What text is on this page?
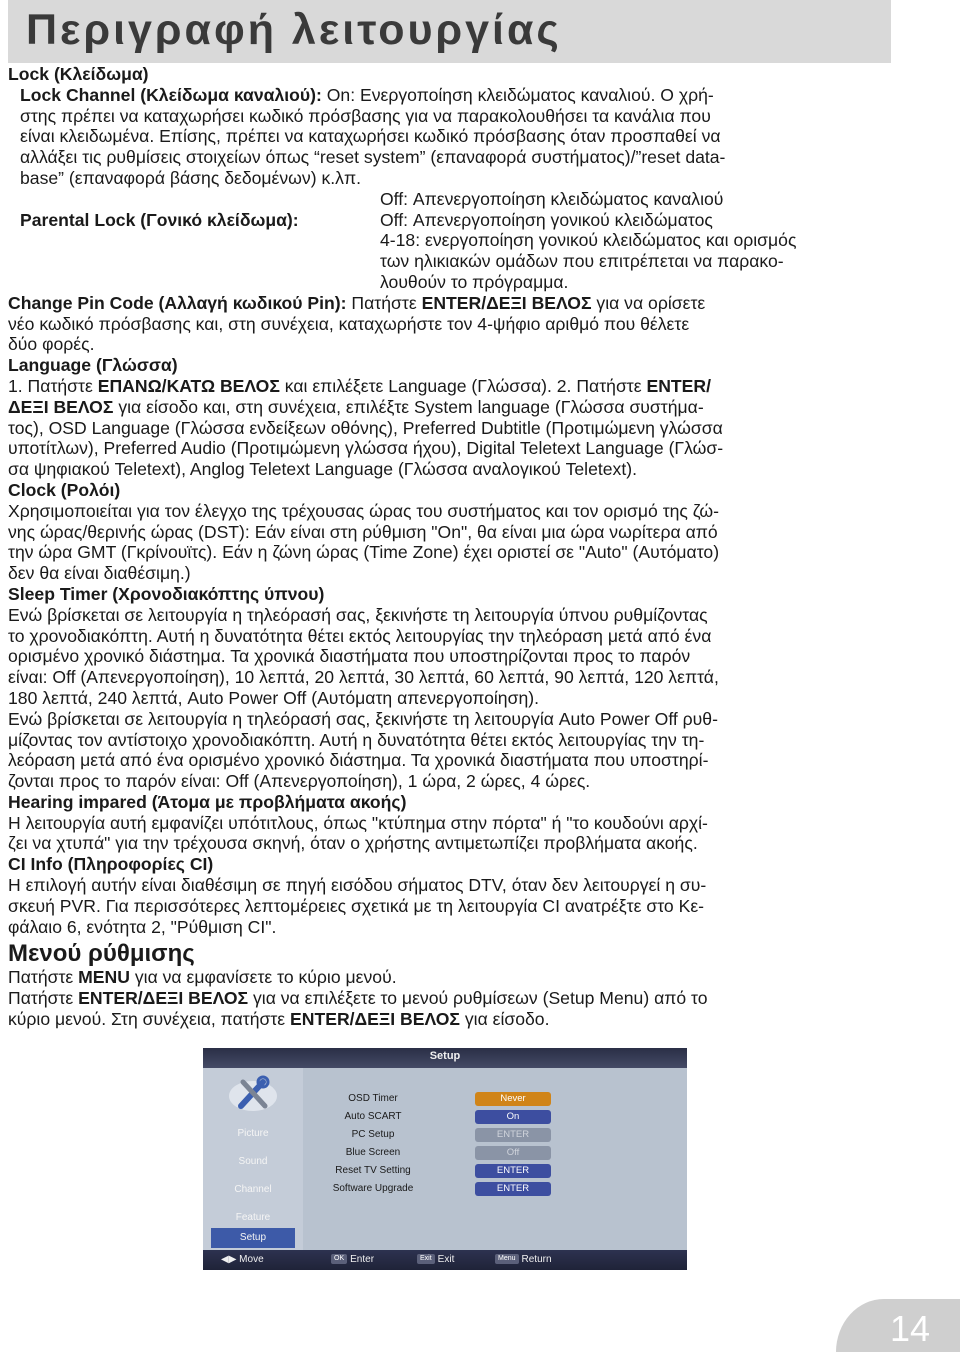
Περιγραφή λειτουργίας

Lock (Κλείδωμα)

Lock Channel (Κλείδωμα καναλιού): On: Ενεργοποίηση κλειδώματος καναλιού. Ο χρή-

στης πρέπει να καταχωρήσει κωδικό πρόσβασης για να παρακολουθήσει τα κανάλια που

είναι κλειδωμένα. Επίσης, πρέπει να καταχωρήσει κωδικό πρόσβασης όταν προσπαθεί να

αλλάξει τις ρυθμίσεις στοιχείων όπως “reset system” (επαναφορά συστήματος)/”reset data-

base” (επαναφορά βάσης δεδομένων) κ.λπ.

Parental Lock (Γονικό κλείδωμα):

Off: Απενεργοποίηση κλειδώματος καναλιού

Off: Απενεργοποίηση γονικού κλειδώματος

4-18: ενεργοποίηση γονικού κλειδώματος και ορισμός

των ηλικιακών ομάδων που επιτρέπεται να παρακο-

λουθούν το πρόγραμμα.

Change Pin Code (Αλλαγή κωδικού Pin): Πατήστε ENTER/ΔΕΞΙ ΒΕΛΟΣ για να ορίσετε

νέο κωδικό πρόσβασης και, στη συνέχεια, καταχωρήστε τον 4-ψήφιο αριθμό που θέλετε

δύο φορές.

Language (Γλώσσα)

1. Πατήστε ΕΠΑΝΩ/ΚΑΤΩ ΒΕΛΟΣ και επιλέξετε Language (Γλώσσα). 2. Πατήστε ENTER/

ΔΕΞΙ ΒΕΛΟΣ για είσοδο και, στη συνέχεια, επιλέξτε System language (Γλώσσα συστήμα-

τος), OSD Language (Γλώσσα ενδείξεων οθόνης), Preferred Dubtitle (Προτιμώμενη γλώσσα

υποτίτλων), Preferred Audio (Προτιμώμενη γλώσσα ήχου), Digital Teletext Language (Γλώσ-

σα ψηφιακού Teletext), Anglog Teletext Language (Γλώσσα αναλογικού Teletext).

Clock (Ρολόι)

Χρησιμοποιείται για τον έλεγχο της τρέχουσας ώρας του συστήματος και τον ορισμό της ζώ-

νης ώρας/θερινής ώρας (DST): Εάν είναι στη ρύθμιση "On", θα είναι μια ώρα νωρίτερα από

την ώρα GMT (Γκρίνουϊτς). Εάν η ζώνη ώρας (Time Zone) έχει οριστεί σε "Auto" (Αυτόματο)

δεν θα είναι διαθέσιμη.)

Sleep Timer (Χρονοδιακόπτης ύπνου)

Ενώ βρίσκεται σε λειτουργία η τηλεόρασή σας, ξεκινήστε τη λειτουργία ύπνου ρυθμίζοντας

το χρονοδιακόπτη. Αυτή η δυνατότητα θέτει εκτός λειτουργίας την τηλεόραση μετά από ένα

ορισμένο χρονικό διάστημα. Τα χρονικά διαστήματα που υποστηρίζονται προς το παρόν

είναι: Off (Απενεργοποίηση), 10 λεπτά, 20 λεπτά, 30 λεπτά, 60 λεπτά, 90 λεπτά, 120 λεπτά,

180 λεπτά, 240 λεπτά, Auto Power Off (Αυτόματη απενεργοποίηση).

Ενώ βρίσκεται σε λειτουργία η τηλεόρασή σας, ξεκινήστε τη λειτουργία Auto Power Off ρυθ-

μίζοντας τον αντίστοιχο χρονοδιακόπτη. Αυτή η δυνατότητα θέτει εκτός λειτουργίας την τη-

λεόραση μετά από ένα ορισμένο χρονικό διάστημα. Τα χρονικά διαστήματα που υποστηρί-

ζονται προς το παρόν είναι: Off (Απενεργοποίηση), 1 ώρα, 2 ώρες, 4 ώρες.

Hearing impared (Άτομα με προβλήματα ακοής)

Η λειτουργία αυτή εμφανίζει υπότιτλους, όπως "κτύπημα στην πόρτα" ή "το κουδούνι αρχί-

ζει να χτυπά" για την τρέχουσα σκηνή, όταν ο χρήστης αντιμετωπίζει προβλήματα ακοής.

CI Info (Πληροφορίες CI)

Η επιλογή αυτήν είναι διαθέσιμη σε πηγή εισόδου σήματος DTV, όταν δεν λειτουργεί η συ-

σκευή PVR. Για περισσότερες λεπτομέρειες σχετικά με τη λειτουργία CI ανατρέξτε στο Κε-

φάλαιο 6, ενότητα 2, "Ρύθμιση CI".

Μενού ρύθμισης

Πατήστε MENU για να εμφανίσετε το κύριο μενού.

Πατήστε ENTER/ΔΕΞΙ ΒΕΛΟΣ για να επιλέξετε το μενού ρυθμίσεων (Setup Menu) από το

κύριο μενού. Στη συνέχεια, πατήστε ENTER/ΔΕΞΙ ΒΕΛΟΣ για είσοδο.

Setup
Picture
Sound
Channel
Feature
Setup
OSD Timer	Never
Auto SCART	On
PC Setup	ENTER
Blue Screen	Off
Reset TV Setting	ENTER
Software Upgrade	ENTER
◀▶ Move	OK Enter	Exit Exit	Menu Return
14
